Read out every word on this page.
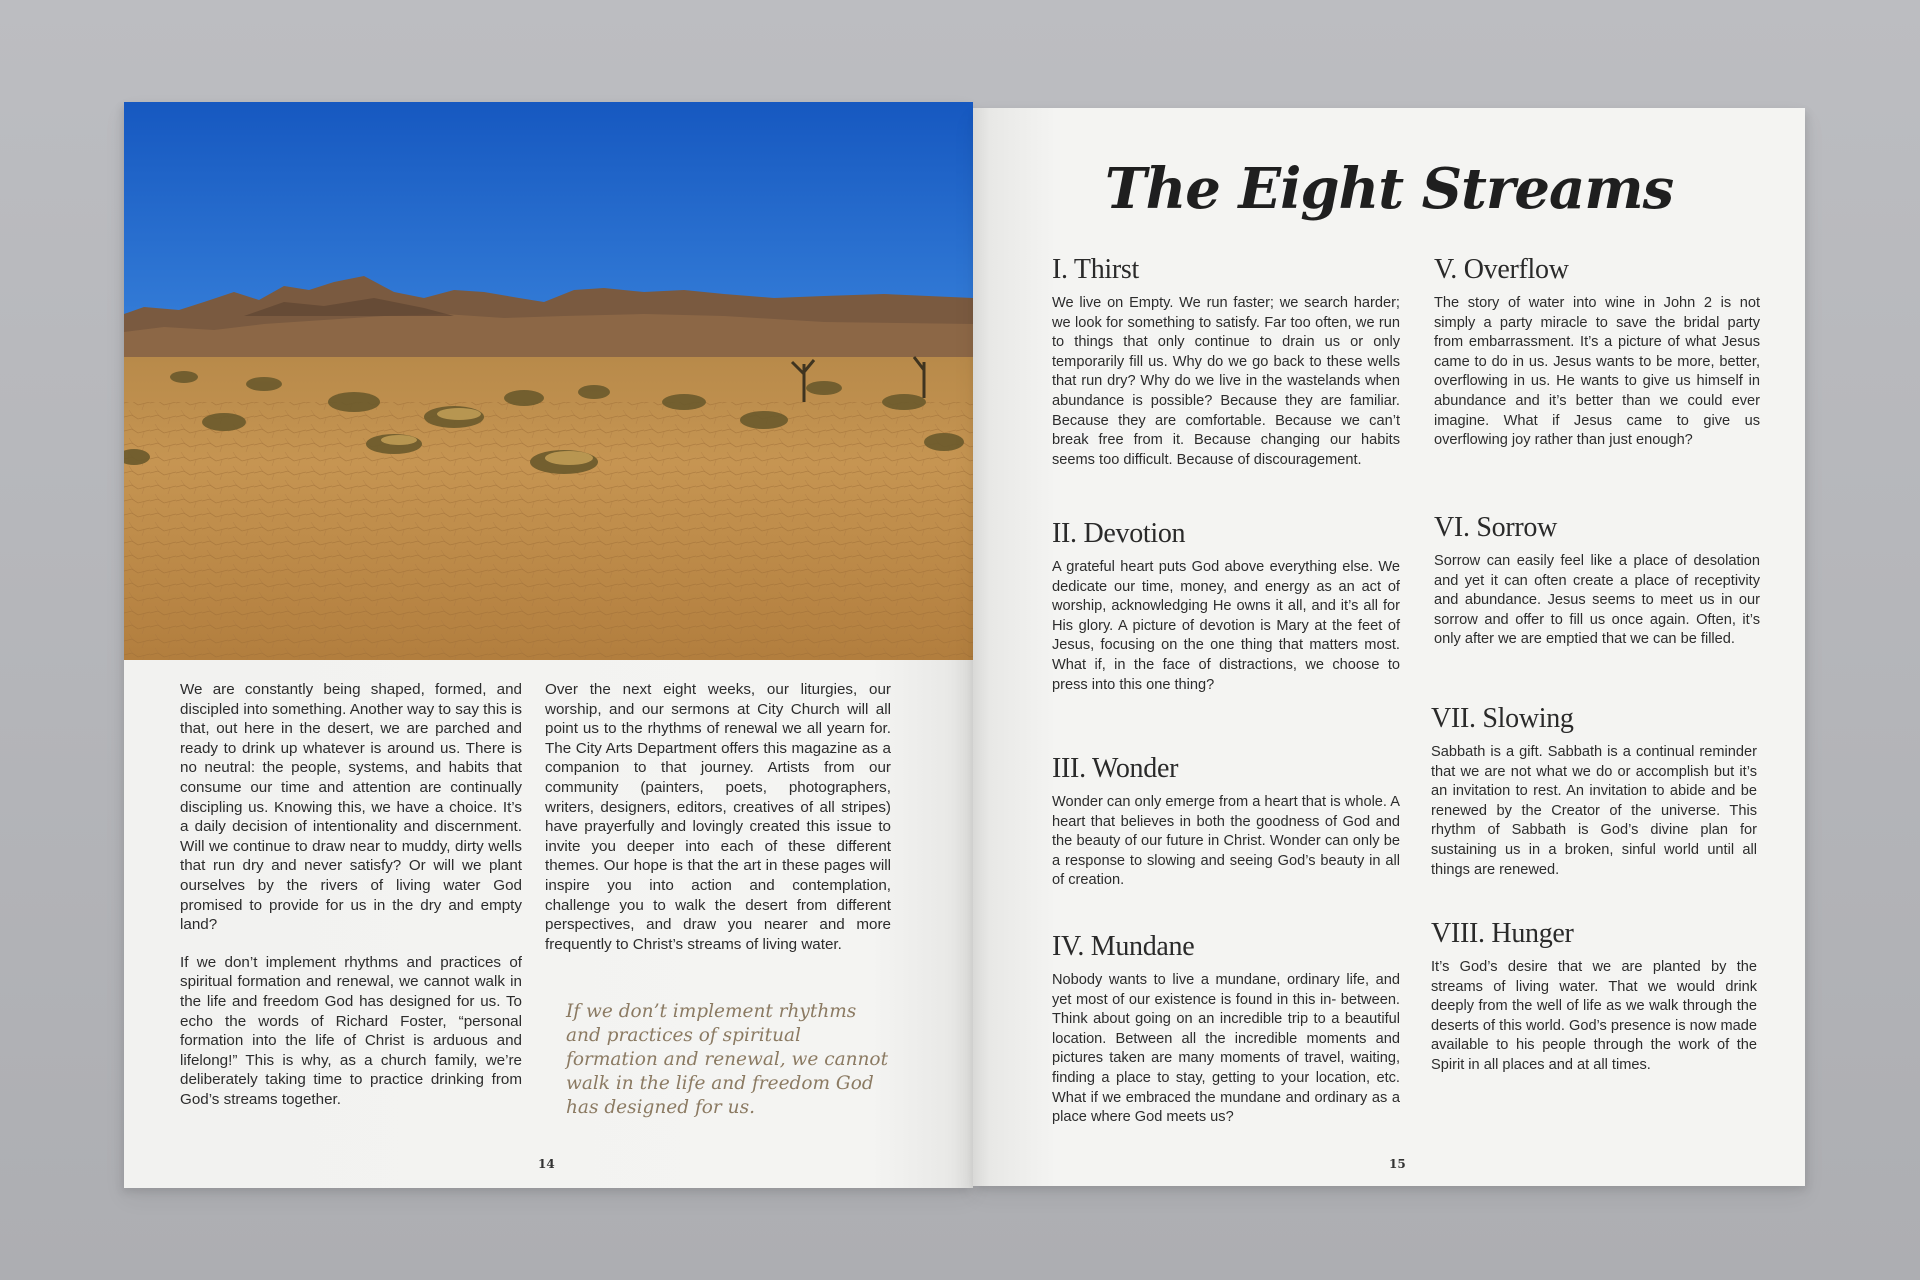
We are constantly being shaped, formed, and discipled into something. Another way to say this is that, out here in the desert, we are parched and ready to drink up whatever is around us. There is no neutral: the people, systems, and habits that consume our time and attention are continually discipling us. Knowing this, we have a choice. It’s a daily decision of intentionality and discernment. Will we continue to draw near to muddy, dirty wells that run dry and never satisfy? Or will we plant ourselves by the rivers of living water God promised to provide for us in the dry and empty land?

If we don’t implement rhythms and practices of spiritual formation and renewal, we cannot walk in the life and freedom God has designed for us. To echo the words of Richard Foster, “personal formation into the life of Christ is arduous and lifelong!” This is why, as a church family, we’re deliberately taking time to practice drinking from God’s streams together.

Over the next eight weeks, our liturgies, our worship, and our sermons at City Church will all point us to the rhythms of renewal we all yearn for. The City Arts Department offers this magazine as a companion to that journey. Artists from our community (painters, poets, photographers, writers, designers, editors, creatives of all stripes) have prayerfully and lovingly created this issue to invite you deeper into each of these different themes. Our hope is that the art in these pages will inspire you into action and contemplation, challenge you to walk the desert from different perspectives, and draw you nearer and more frequently to Christ’s streams of living water.

If we don’t implement rhythms and practices of spiritual formation and renewal, we cannot walk in the life and freedom God has designed for us.
14
The Eight Streams
I. Thirst
We live on Empty. We run faster; we search harder; we look for something to satisfy. Far too often, we run to things that only continue to drain us or only temporarily fill us. Why do we go back to these wells that run dry? Why do we live in the wastelands when abundance is possible? Because they are familiar. Because they are comfortable. Because we can’t break free from it. Because changing our habits seems too difficult. Because of discouragement.
II. Devotion
A grateful heart puts God above everything else. We dedicate our time, money, and energy as an act of worship, acknowledging He owns it all, and it’s all for His glory. A picture of devotion is Mary at the feet of Jesus, focusing on the one thing that matters most. What if, in the face of distractions, we choose to press into this one thing?
III. Wonder
Wonder can only emerge from a heart that is whole. A heart that believes in both the goodness of God and the beauty of our future in Christ. Wonder can only be a response to slowing and seeing God’s beauty in all of creation.
IV. Mundane
Nobody wants to live a mundane, ordinary life, and yet most of our existence is found in this in- between. Think about going on an incredible trip to a beautiful location. Between all the incredible moments and pictures taken are many moments of travel, waiting, finding a place to stay, getting to your location, etc. What if we embraced the mundane and ordinary as a place where God meets us?
V. Overflow
The story of water into wine in John 2 is not simply a party miracle to save the bridal party from embarrassment. It’s a picture of what Jesus came to do in us. Jesus wants to be more, better, overflowing in us. He wants to give us himself in abundance and it’s better than we could ever imagine. What if Jesus came to give us overflowing joy rather than just enough?
VI. Sorrow
Sorrow can easily feel like a place of desolation and yet it can often create a place of receptivity and abundance. Jesus seems to meet us in our sorrow and offer to fill us once again. Often, it’s only after we are emptied that we can be filled.
VII. Slowing
Sabbath is a gift. Sabbath is a continual reminder that we are not what we do or accomplish but it’s an invitation to rest. An invitation to abide and be renewed by the Creator of the universe. This rhythm of Sabbath is God’s divine plan for sustaining us in a broken, sinful world until all things are renewed.
VIII. Hunger
It’s God’s desire that we are planted by the streams of living water. That we would drink deeply from the well of life as we walk through the deserts of this world. God’s presence is now made available to his people through the work of the Spirit in all places and at all times.
15
